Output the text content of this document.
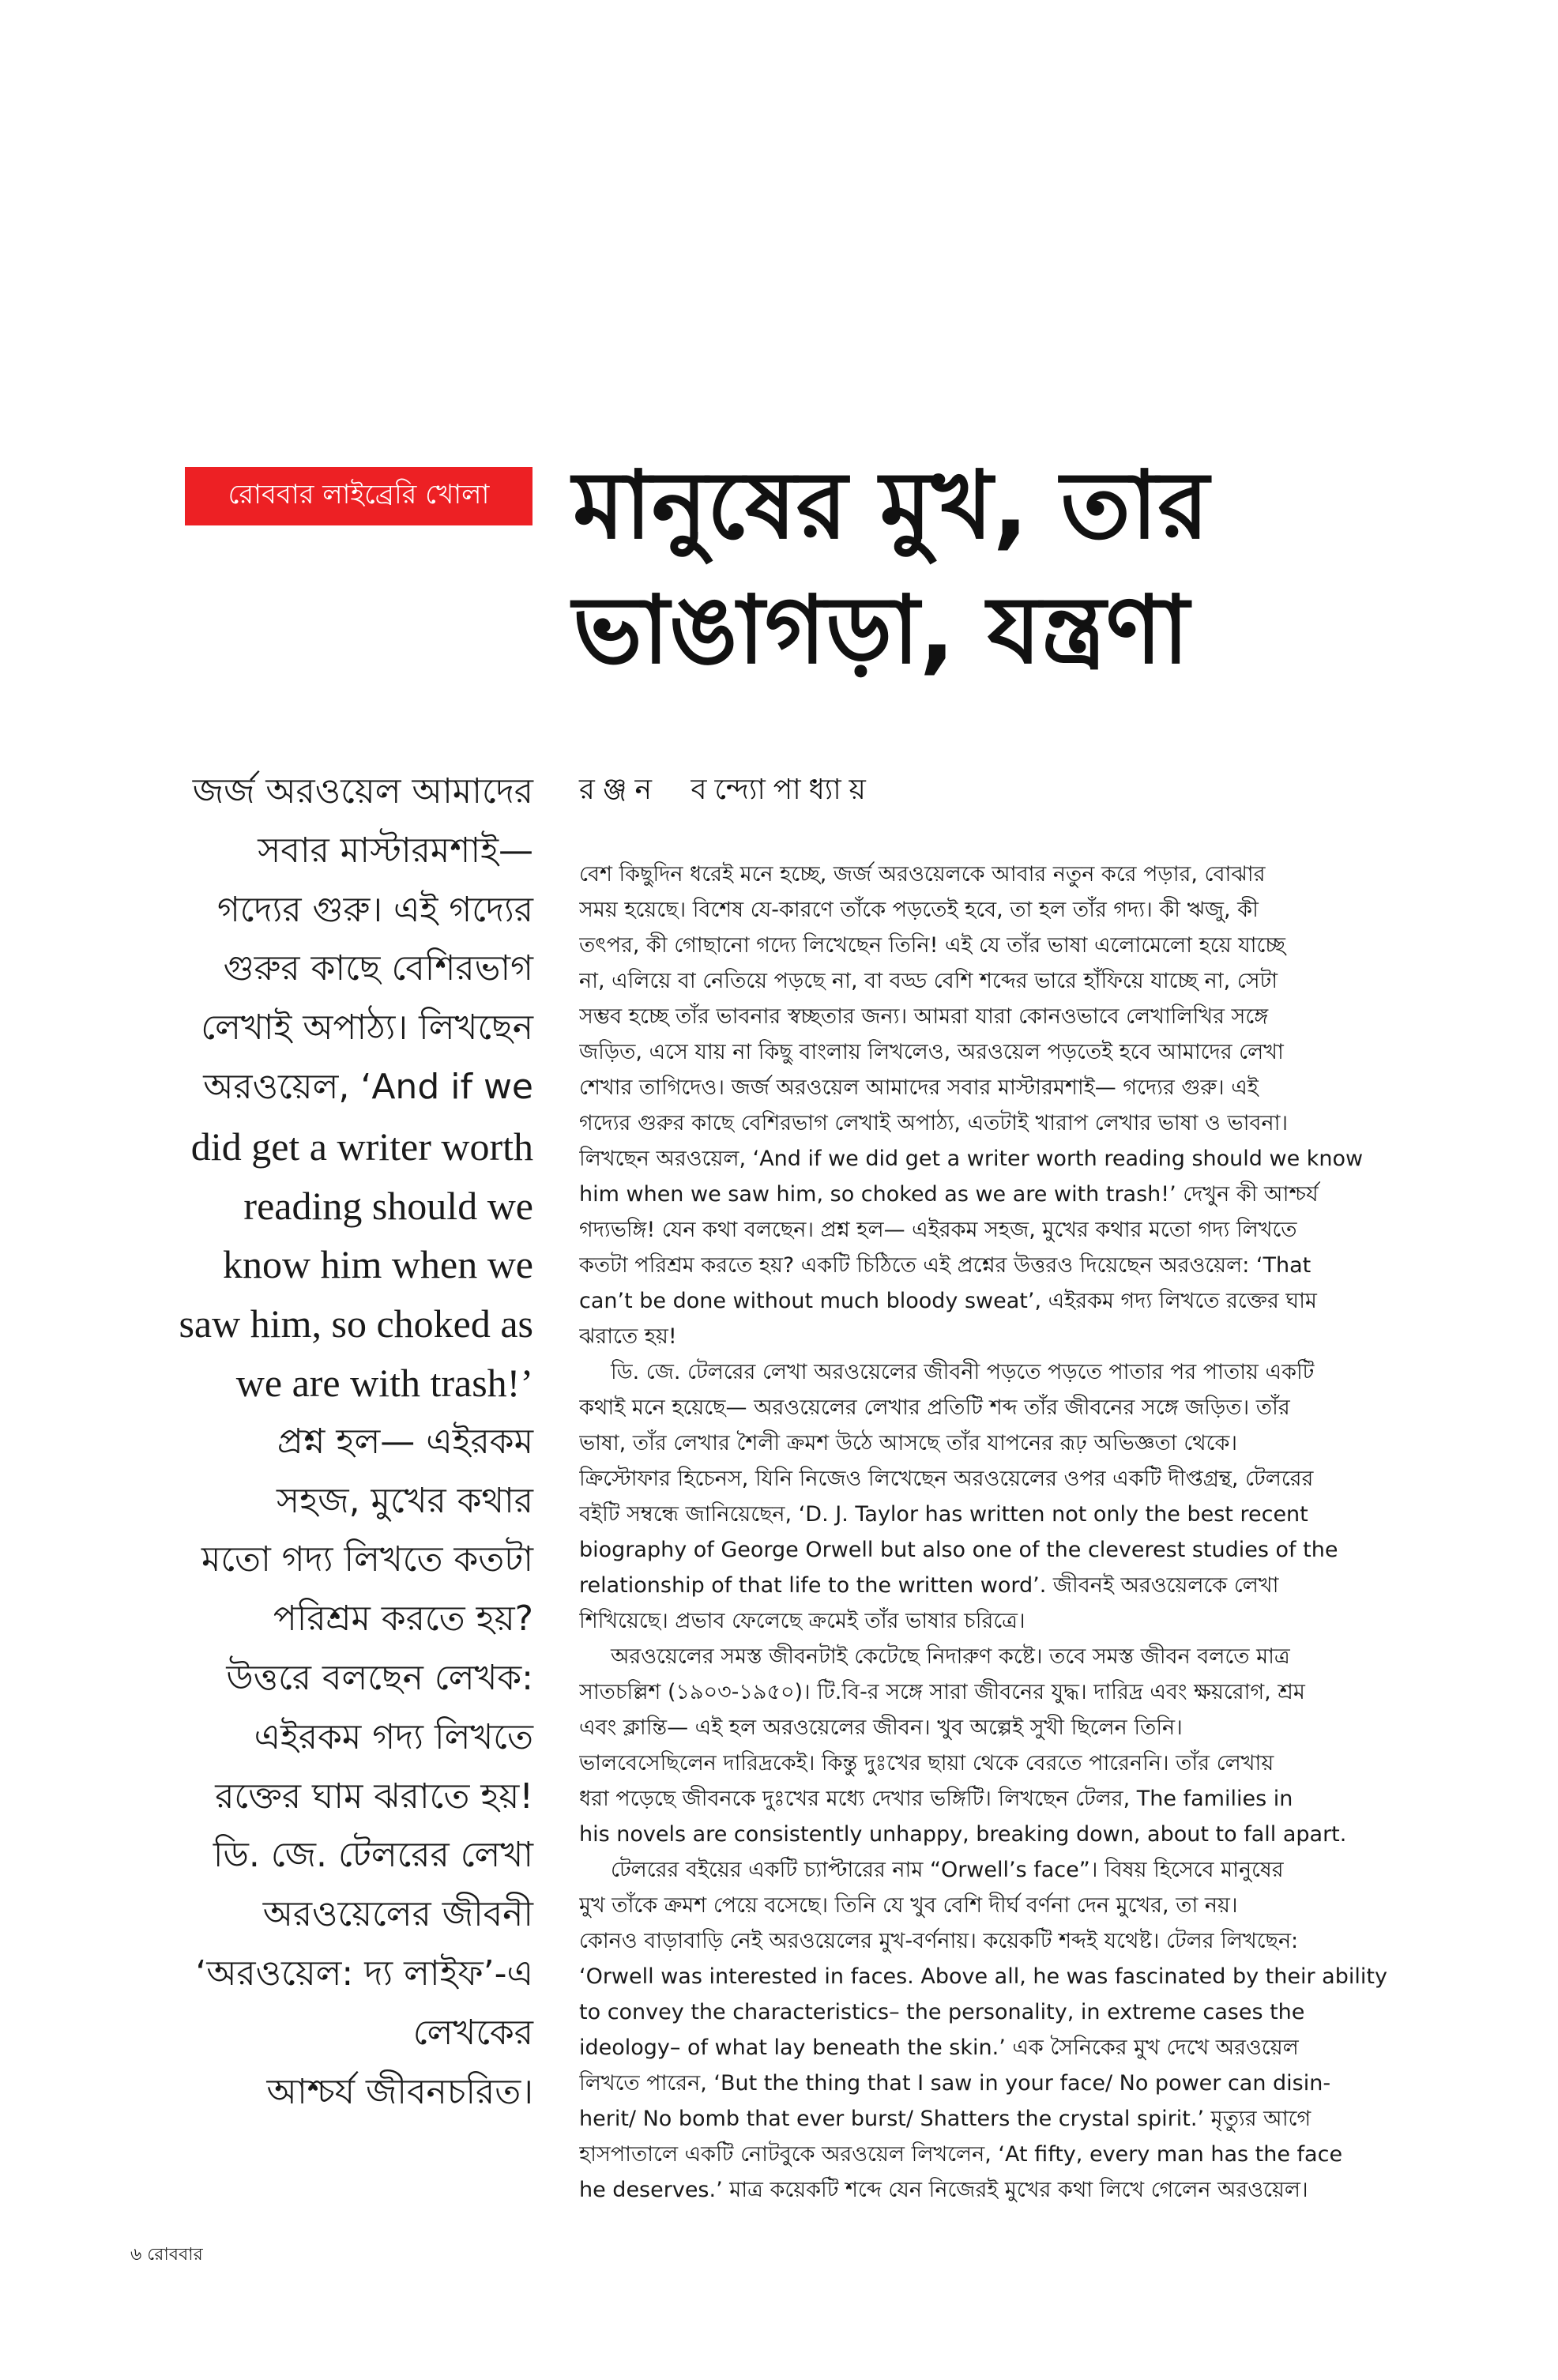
রোববার লাইব্রেরি খোলা মানুষের মুখ, তার
ভাঙাগড়া, যন্ত্রণা
রঞ্জন বন্দ্যোপাধ্যায়
জর্জ অরওয়েল আমাদের
সবার মাস্টারমশাই—
গদ্যের গুরু। এই গদ্যের
গুরুর কাছে বেশিরভাগ
লেখাই অপাঠ্য। লিখছেন
অরওয়েল, ‘And if we
did get a writer worth
reading should we
know him when we
saw him, so choked as
we are with trash!’
প্রশ্ন হল— এইরকম
সহজ, মুখের কথার
মতো গদ্য লিখতে কতটা
পরিশ্রম করতে হয়?
উত্তরে বলছেন লেখক:
এইরকম গদ্য লিখতে
রক্তের ঘাম ঝরাতে হয়!
ডি. জে. টেলরের লেখা
অরওয়েলের জীবনী
‘অরওয়েল: দ্য লাইফ’-এ
লেখকের
আশ্চর্য জীবনচরিত।
বেশ কিছুদিন ধরেই মনে হচ্ছে, জর্জ অরওয়েলকে আবার নতুন করে পড়ার, বোঝার
সময় হয়েছে। বিশেষ যে-কারণে তাঁকে পড়তেই হবে, তা হল তাঁর গদ্য। কী ঋজু, কী
তৎপর, কী গোছানো গদ্যে লিখেছেন তিনি! এই যে তাঁর ভাষা এলোমেলো হয়ে যাচ্ছে
না, এলিয়ে বা নেতিয়ে পড়ছে না, বা বড্ড বেশি শব্দের ভারে হাঁফিয়ে যাচ্ছে না, সেটা
সম্ভব হচ্ছে তাঁর ভাবনার স্বচ্ছতার জন্য। আমরা যারা কোনওভাবে লেখালিখির সঙ্গে
জড়িত, এসে যায় না কিছু বাংলায় লিখলেও, অরওয়েল পড়তেই হবে আমাদের লেখা
শেখার তাগিদেও। জর্জ অরওয়েল আমাদের সবার মাস্টারমশাই— গদ্যের গুরু। এই
গদ্যের গুরুর কাছে বেশিরভাগ লেখাই অপাঠ্য, এতটাই খারাপ লেখার ভাষা ও ভাবনা।
লিখছেন অরওয়েল, ‘And if we did get a writer worth reading should we know
him when we saw him, so choked as we are with trash!’ দেখুন কী আশ্চর্য
গদ্যভঙ্গি! যেন কথা বলছেন। প্রশ্ন হল— এইরকম সহজ, মুখের কথার মতো গদ্য লিখতে
কতটা পরিশ্রম করতে হয়? একটি চিঠিতে এই প্রশ্নের উত্তরও দিয়েছেন অরওয়েল: ‘That
can’t be done without much bloody sweat’, এইরকম গদ্য লিখতে রক্তের ঘাম
ঝরাতে হয়!
ডি. জে. টেলরের লেখা অরওয়েলের জীবনী পড়তে পড়তে পাতার পর পাতায় একটি
কথাই মনে হয়েছে— অরওয়েলের লেখার প্রতিটি শব্দ তাঁর জীবনের সঙ্গে জড়িত। তাঁর
ভাষা, তাঁর লেখার শৈলী ক্রমশ উঠে আসছে তাঁর যাপনের রূঢ় অভিজ্ঞতা থেকে।
ক্রিস্টোফার হিচেনস, যিনি নিজেও লিখেছেন অরওয়েলের ওপর একটি দীপ্তগ্রন্থ, টেলরের
বইটি সম্বন্ধে জানিয়েছেন, ‘D. J. Taylor has written not only the best recent
biography of George Orwell but also one of the cleverest studies of the
relationship of that life to the written word’. জীবনই অরওয়েলকে লেখা
শিখিয়েছে। প্রভাব ফেলেছে ক্রমেই তাঁর ভাষার চরিত্রে।
অরওয়েলের সমস্ত জীবনটাই কেটেছে নিদারুণ কষ্টে। তবে সমস্ত জীবন বলতে মাত্র
সাতচল্লিশ (১৯০৩-১৯৫০)। টি.বি-র সঙ্গে সারা জীবনের যুদ্ধ। দারিদ্র এবং ক্ষয়রোগ, শ্রম
এবং ক্লান্তি— এই হল অরওয়েলের জীবন। খুব অল্পেই সুখী ছিলেন তিনি।
ভালবেসেছিলেন দারিদ্রকেই। কিন্তু দুঃখের ছায়া থেকে বেরতে পারেননি। তাঁর লেখায়
ধরা পড়েছে জীবনকে দুঃখের মধ্যে দেখার ভঙ্গিটি। লিখছেন টেলর, The families in
his novels are consistently unhappy, breaking down, about to fall apart.
টেলরের বইয়ের একটি চ্যাপ্টারের নাম “Orwell’s face”। বিষয় হিসেবে মানুষের
মুখ তাঁকে ক্রমশ পেয়ে বসেছে। তিনি যে খুব বেশি দীর্ঘ বর্ণনা দেন মুখের, তা নয়।
কোনও বাড়াবাড়ি নেই অরওয়েলের মুখ-বর্ণনায়। কয়েকটি শব্দই যথেষ্ট। টেলর লিখছেন:
‘Orwell was interested in faces. Above all, he was fascinated by their ability
to convey the characteristics– the personality, in extreme cases the
ideology– of what lay beneath the skin.’ এক সৈনিকের মুখ দেখে অরওয়েল
লিখতে পারেন, ‘But the thing that I saw in your face/ No power can disin-
herit/ No bomb that ever burst/ Shatters the crystal spirit.’ মৃত্যুর আগে
হাসপাতালে একটি নোটবুকে অরওয়েল লিখলেন, ‘At fifty, every man has the face
he deserves.’ মাত্র কয়েকটি শব্দে যেন নিজেরই মুখের কথা লিখে গেলেন অরওয়েল।
৬ রোববার
